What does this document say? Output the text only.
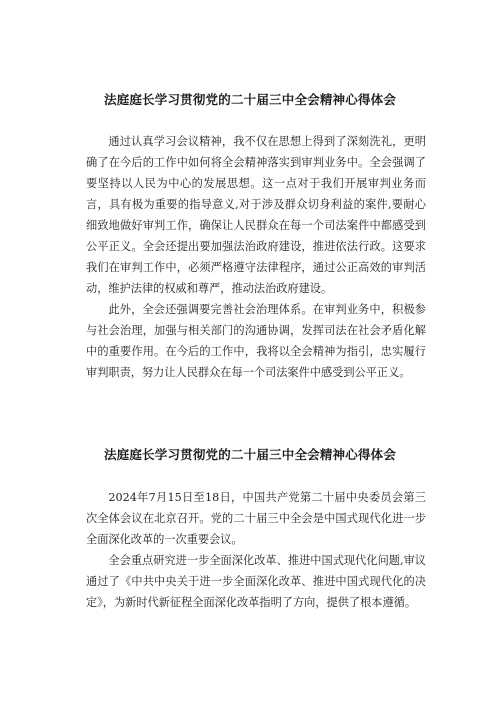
法庭庭长学习贯彻党的二十届三中全会精神心得体会

通过认真学习会议精神，我不仅在思想上得到了深刻洗礼，更明确了在今后的工作中如何将全会精神落实到审判业务中。全会强调了要坚持以人民为中心的发展思想。这一点对于我们开展审判业务而言，具有极为重要的指导意义,对于涉及群众切身利益的案件,要耐心细致地做好审判工作，确保让人民群众在每一个司法案件中都感受到公平正义。全会还提出要加强法治政府建设，推进依法行政。这要求我们在审判工作中，必须严格遵守法律程序，通过公正高效的审判活动，维护法律的权威和尊严，推动法治政府建设。

此外，全会还强调要完善社会治理体系。在审判业务中，积极参与社会治理，加强与相关部门的沟通协调，发挥司法在社会矛盾化解中的重要作用。在今后的工作中，我将以全会精神为指引，忠实履行审判职责，努力让人民群众在每一个司法案件中感受到公平正义。

法庭庭长学习贯彻党的二十届三中全会精神心得体会

2024年7月15日至18日，中国共产党第二十届中央委员会第三次全体会议在北京召开。党的二十届三中全会是中国式现代化进一步全面深化改革的一次重要会议。

全会重点研究进一步全面深化改革、推进中国式现代化问题,审议通过了《中共中央关于进一步全面深化改革、推进中国式现代化的决定》，为新时代新征程全面深化改革指明了方向，提供了根本遵循。
